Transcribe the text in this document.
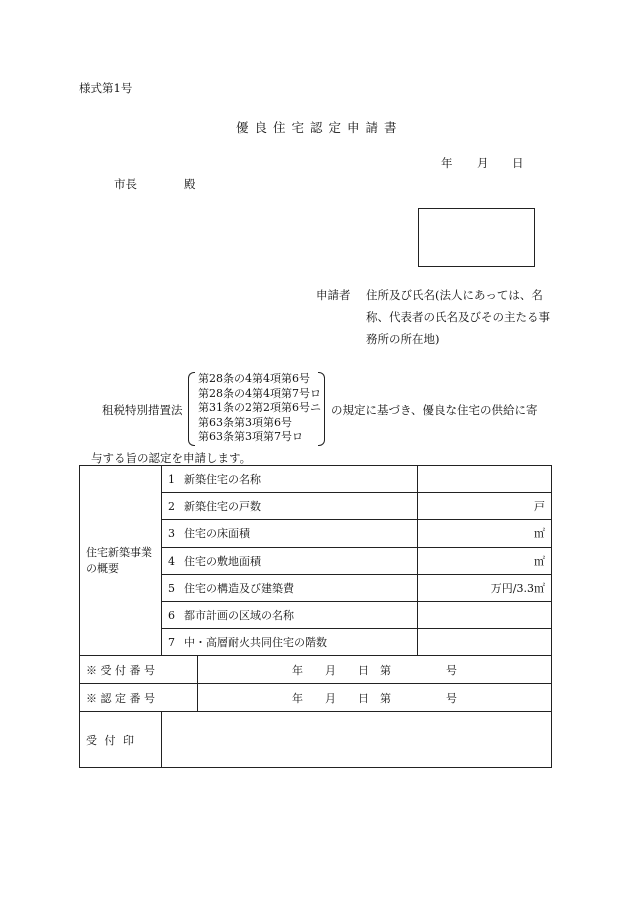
様式第1号
優良住宅認定申請書
年 月 日
市長	殿
申請者 住所及び氏名(法人にあっては、名
称、代表者の氏名及びその主たる事
務所の所在地)
租税特別措置法
第28条の4第4項第6号
第28条の4第4項第7号ロ
第31条の2第2項第6号ニ
第63条第3項第6号
第63条第3項第7号ロ
の規定に基づき、優良な住宅の供給に寄
与する旨の認定を申請します。
住宅新築事業の概要	1 新築住宅の名称		
	2 新築住宅の戸数		戸
	3 住宅の床面積		㎡
	4 住宅の敷地面積		㎡
	5 住宅の構造及び建築費		万円/3.3㎡
	6 都市計画の区域の名称		
	7 中・高層耐火共同住宅の階数		
※ 受 付 番 号		年　　月　　日　第　　　　　号	
※ 認 定 番 号		年　　月　　日　第　　　　　号	
受 付 印			
